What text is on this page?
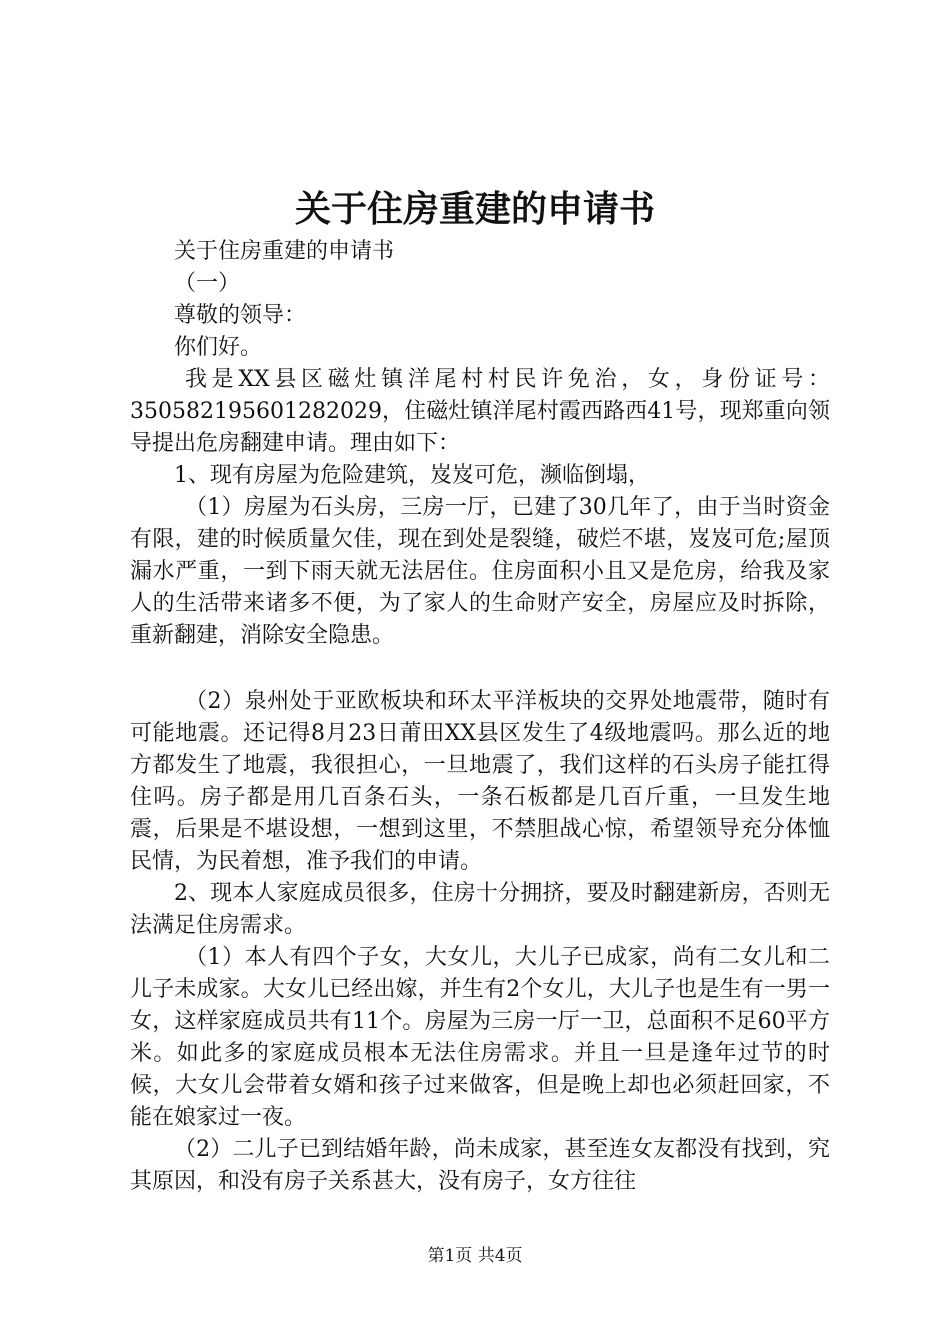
关于住房重建的申请书

关于住房重建的申请书

（一）

尊敬的领导：

你们好。

我是XX县区磁灶镇洋尾村村民许免治，女，身份证号：350582195601282029，住磁灶镇洋尾村霞西路西41号，现郑重向领导提出危房翻建申请。理由如下：

1、现有房屋为危险建筑，岌岌可危，濒临倒塌，

（1）房屋为石头房，三房一厅，已建了30几年了，由于当时资金有限，建的时候质量欠佳，现在到处是裂缝，破烂不堪，岌岌可危;屋顶漏水严重，一到下雨天就无法居住。住房面积小且又是危房，给我及家人的生活带来诸多不便，为了家人的生命财产安全，房屋应及时拆除，重新翻建，消除安全隐患。

（2）泉州处于亚欧板块和环太平洋板块的交界处地震带，随时有可能地震。还记得8月23日莆田XX县区发生了4级地震吗。那么近的地方都发生了地震，我很担心，一旦地震了，我们这样的石头房子能扛得住吗。房子都是用几百条石头，一条石板都是几百斤重，一旦发生地震，后果是不堪设想，一想到这里，不禁胆战心惊，希望领导充分体恤民情，为民着想，准予我们的申请。

2、现本人家庭成员很多，住房十分拥挤，要及时翻建新房，否则无法满足住房需求。

（1）本人有四个子女，大女儿，大儿子已成家，尚有二女儿和二儿子未成家。大女儿已经出嫁，并生有2个女儿，大儿子也是生有一男一女，这样家庭成员共有11个。房屋为三房一厅一卫，总面积不足60平方米。如此多的家庭成员根本无法住房需求。并且一旦是逢年过节的时候，大女儿会带着女婿和孩子过来做客，但是晚上却也必须赶回家，不能在娘家过一夜。

（2）二儿子已到结婚年龄，尚未成家，甚至连女友都没有找到，究其原因，和没有房子关系甚大，没有房子，女方往往

第1页 共4页
